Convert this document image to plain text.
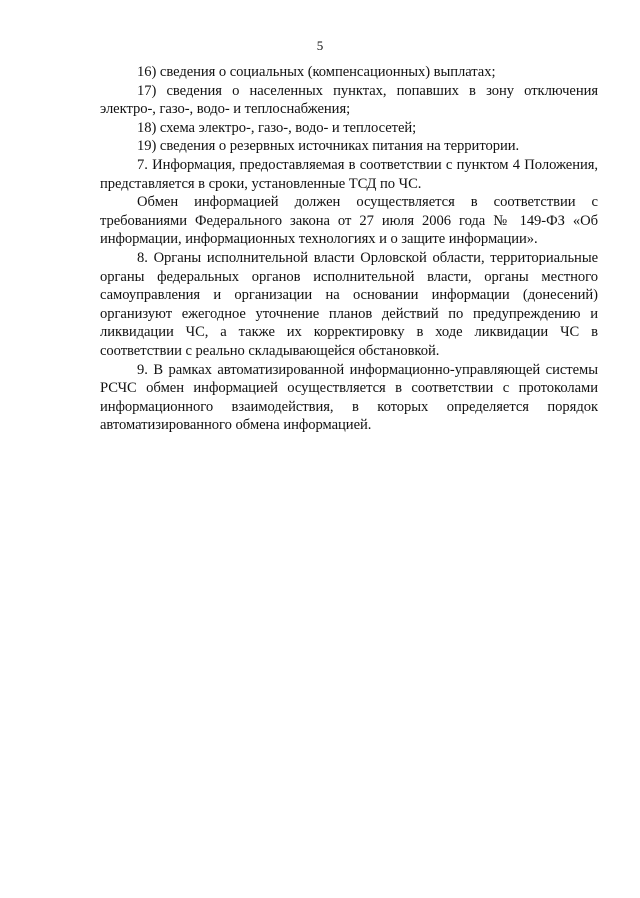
5

16) сведения о социальных (компенсационных) выплатах;

17) сведения о населенных пунктах, попавших в зону отключения электро-, газо-, водо- и теплоснабжения;

18) схема электро-, газо-, водо- и теплосетей;

19) сведения о резервных источниках питания на территории.

7. Информация, предоставляемая в соответствии с пунктом 4 Положения, представляется в сроки, установленные ТСД по ЧС.

Обмен информацией должен осуществляется в соответствии с требованиями Федерального закона от 27 июля 2006 года № 149-ФЗ «Об информации, информационных технологиях и о защите информации».

8. Органы исполнительной власти Орловской области, территориальные органы федеральных органов исполнительной власти, органы местного самоуправления и организации на основании информации (донесений) организуют ежегодное уточнение планов действий по предупреждению и ликвидации ЧС, а также их корректировку в ходе ликвидации ЧС в соответствии с реально складывающейся обстановкой.

9. В рамках автоматизированной информационно-управляющей системы РСЧС обмен информацией осуществляется в соответствии с протоколами информационного взаимодействия, в которых определяется порядок автоматизированного обмена информацией.
